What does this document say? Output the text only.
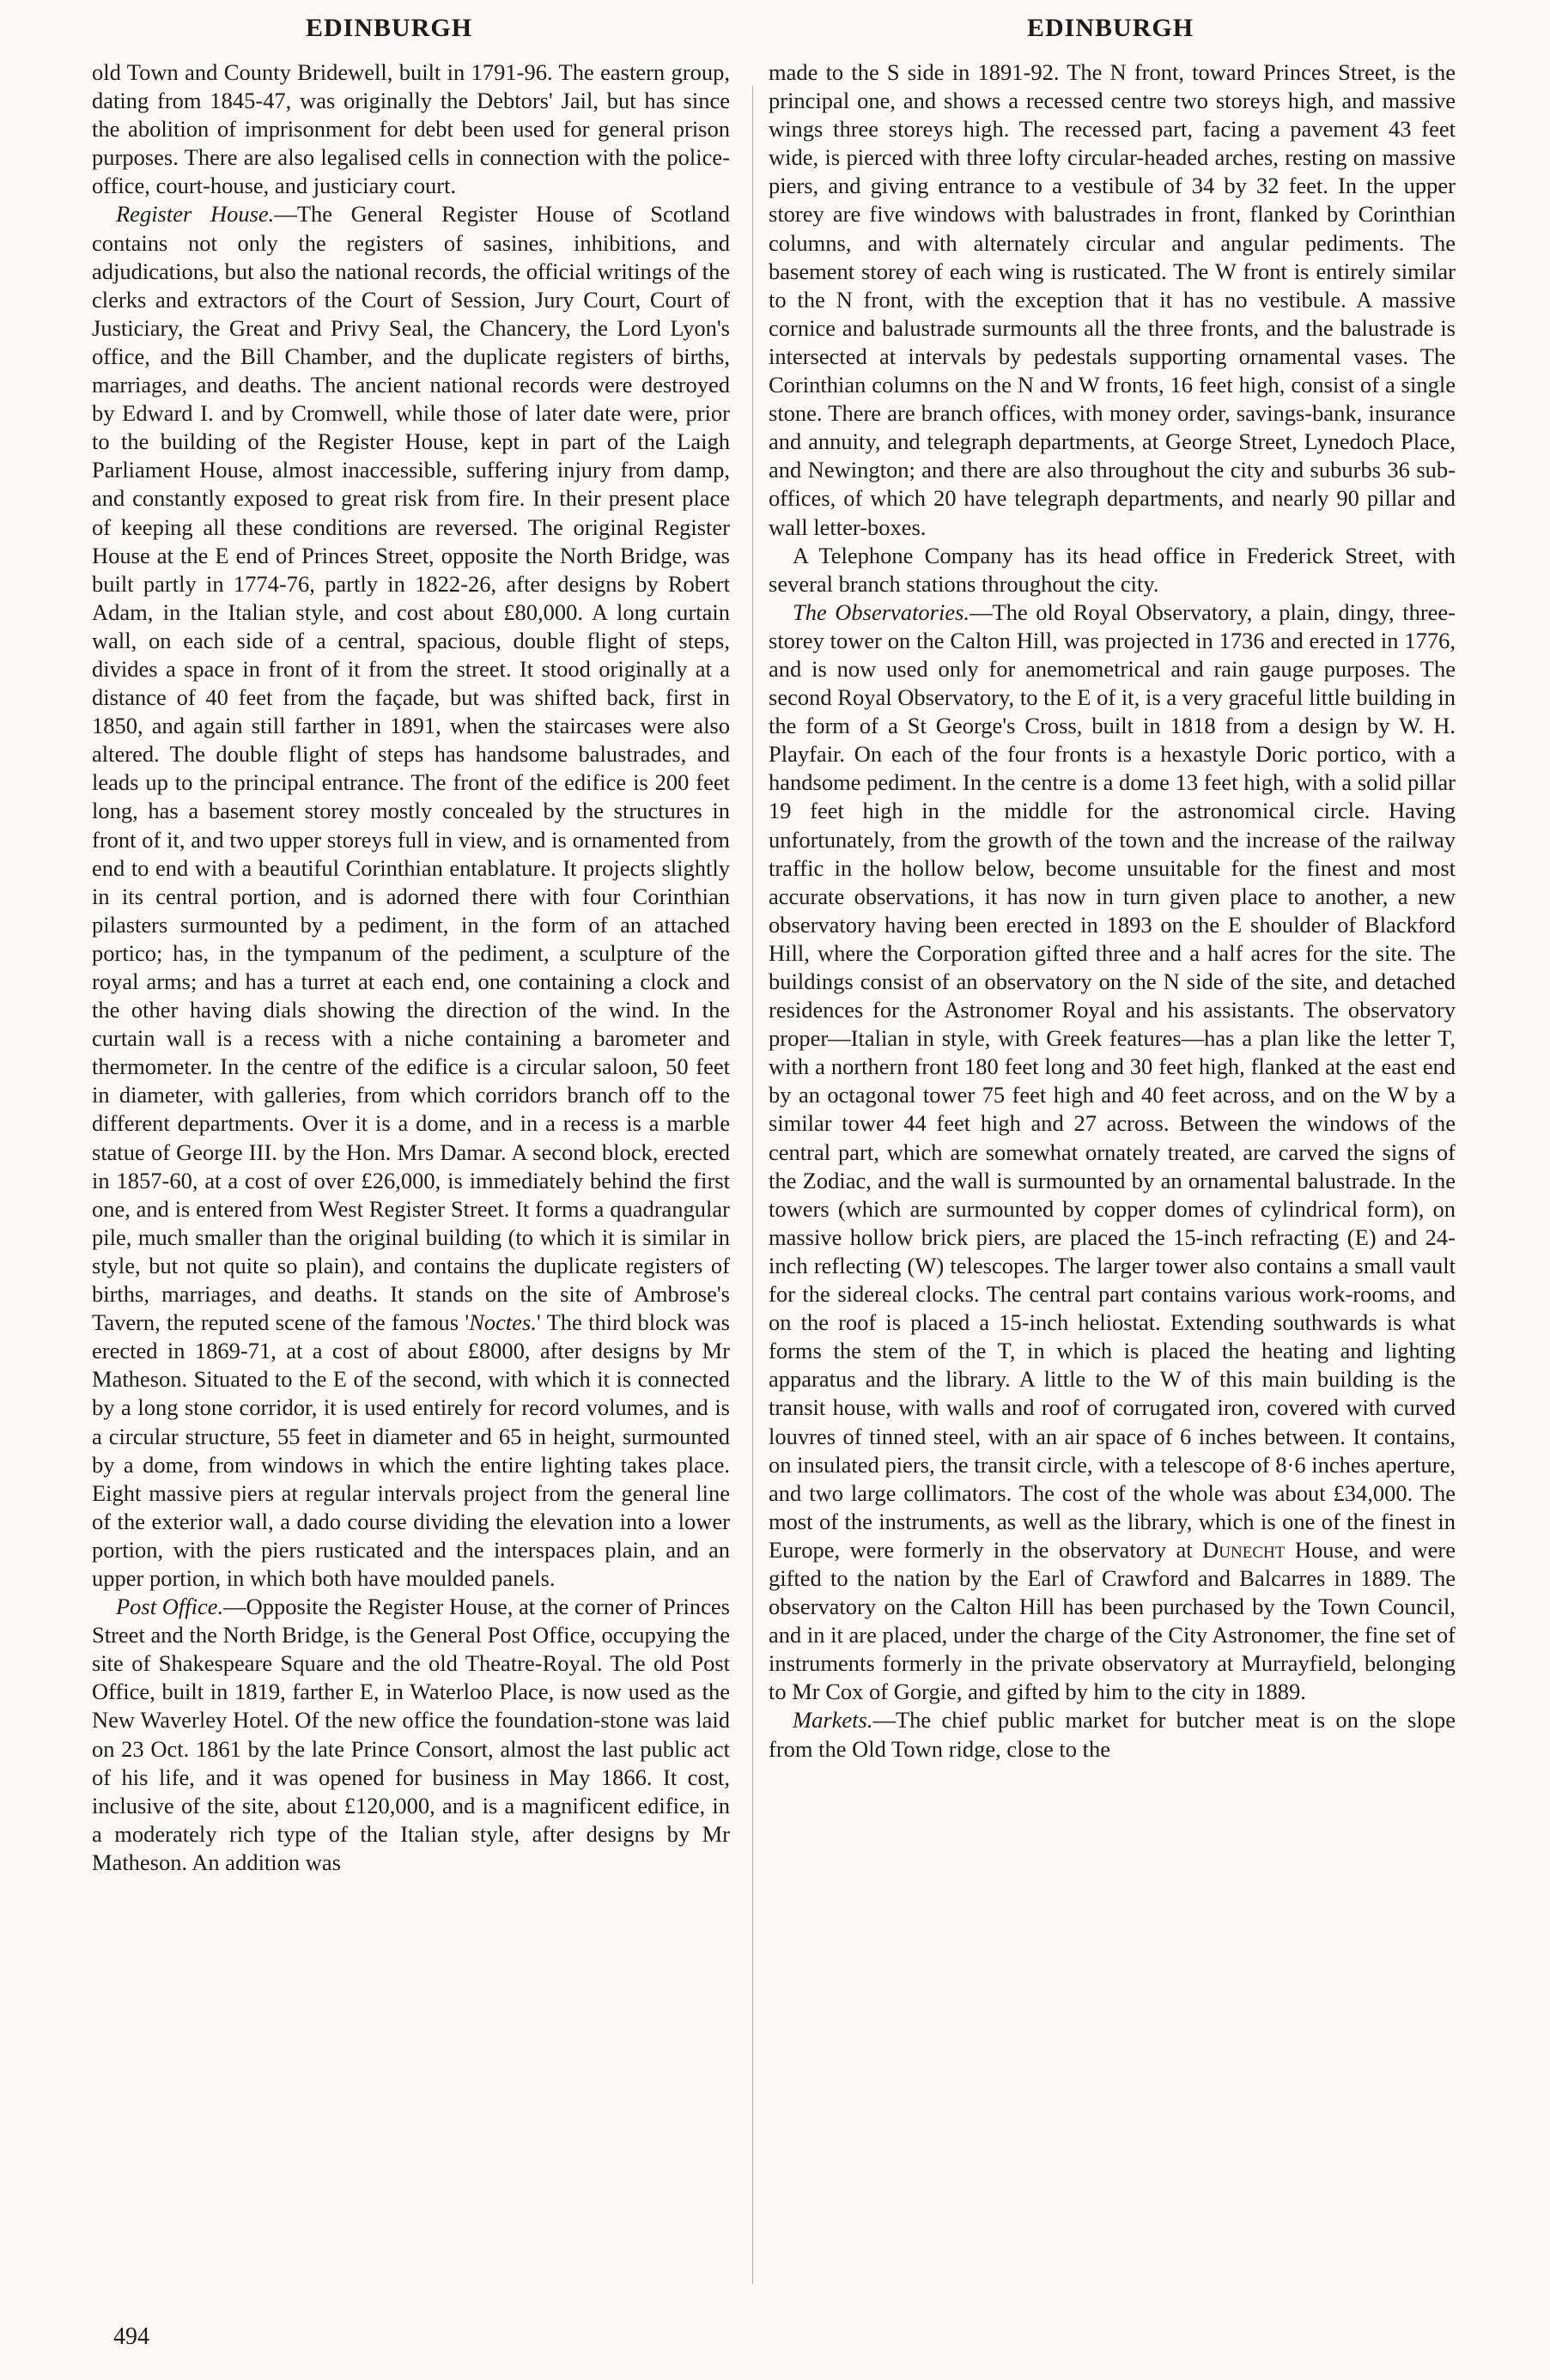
EDINBURGH	EDINBURGH

old Town and County Bridewell, built in 1791-96. The eastern group, dating from 1845-47, was originally the Debtors' Jail, but has since the abolition of imprisonment for debt been used for general prison purposes. There are also legalised cells in connection with the police-office, court-house, and justiciary court.

Register House.—The General Register House of Scotland contains not only the registers of sasines, inhibitions, and adjudications, but also the national records, the official writings of the clerks and extractors of the Court of Session, Jury Court, Court of Justiciary, the Great and Privy Seal, the Chancery, the Lord Lyon's office, and the Bill Chamber, and the duplicate registers of births, marriages, and deaths. The ancient national records were destroyed by Edward I. and by Cromwell, while those of later date were, prior to the building of the Register House, kept in part of the Laigh Parliament House, almost inaccessible, suffering injury from damp, and constantly exposed to great risk from fire. In their present place of keeping all these conditions are reversed. The original Register House at the E end of Princes Street, opposite the North Bridge, was built partly in 1774-76, partly in 1822-26, after designs by Robert Adam, in the Italian style, and cost about £80,000. A long curtain wall, on each side of a central, spacious, double flight of steps, divides a space in front of it from the street. It stood originally at a distance of 40 feet from the façade, but was shifted back, first in 1850, and again still farther in 1891, when the staircases were also altered. The double flight of steps has handsome balustrades, and leads up to the principal entrance. The front of the edifice is 200 feet long, has a basement storey mostly concealed by the structures in front of it, and two upper storeys full in view, and is ornamented from end to end with a beautiful Corinthian entablature. It projects slightly in its central portion, and is adorned there with four Corinthian pilasters surmounted by a pediment, in the form of an attached portico; has, in the tympanum of the pediment, a sculpture of the royal arms; and has a turret at each end, one containing a clock and the other having dials showing the direction of the wind. In the curtain wall is a recess with a niche containing a barometer and thermometer. In the centre of the edifice is a circular saloon, 50 feet in diameter, with galleries, from which corridors branch off to the different departments. Over it is a dome, and in a recess is a marble statue of George III. by the Hon. Mrs Damar. A second block, erected in 1857-60, at a cost of over £26,000, is immediately behind the first one, and is entered from West Register Street. It forms a quadrangular pile, much smaller than the original building (to which it is similar in style, but not quite so plain), and contains the duplicate registers of births, marriages, and deaths. It stands on the site of Ambrose's Tavern, the reputed scene of the famous 'Noctes.' The third block was erected in 1869-71, at a cost of about £8000, after designs by Mr Matheson. Situated to the E of the second, with which it is connected by a long stone corridor, it is used entirely for record volumes, and is a circular structure, 55 feet in diameter and 65 in height, surmounted by a dome, from windows in which the entire lighting takes place. Eight massive piers at regular intervals project from the general line of the exterior wall, a dado course dividing the elevation into a lower portion, with the piers rusticated and the interspaces plain, and an upper portion, in which both have moulded panels.

Post Office.—Opposite the Register House, at the corner of Princes Street and the North Bridge, is the General Post Office, occupying the site of Shakespeare Square and the old Theatre-Royal. The old Post Office, built in 1819, farther E, in Waterloo Place, is now used as the New Waverley Hotel. Of the new office the foundation-stone was laid on 23 Oct. 1861 by the late Prince Consort, almost the last public act of his life, and it was opened for business in May 1866. It cost, inclusive of the site, about £120,000, and is a magnificent edifice, in a moderately rich type of the Italian style, after designs by Mr Matheson. An addition was

made to the S side in 1891-92. The N front, toward Princes Street, is the principal one, and shows a recessed centre two storeys high, and massive wings three storeys high. The recessed part, facing a pavement 43 feet wide, is pierced with three lofty circular-headed arches, resting on massive piers, and giving entrance to a vestibule of 34 by 32 feet. In the upper storey are five windows with balustrades in front, flanked by Corinthian columns, and with alternately circular and angular pediments. The basement storey of each wing is rusticated. The W front is entirely similar to the N front, with the exception that it has no vestibule. A massive cornice and balustrade surmounts all the three fronts, and the balustrade is intersected at intervals by pedestals supporting ornamental vases. The Corinthian columns on the N and W fronts, 16 feet high, consist of a single stone. There are branch offices, with money order, savings-bank, insurance and annuity, and telegraph departments, at George Street, Lynedoch Place, and Newington; and there are also throughout the city and suburbs 36 sub-offices, of which 20 have telegraph departments, and nearly 90 pillar and wall letter-boxes.

A Telephone Company has its head office in Frederick Street, with several branch stations throughout the city.

The Observatories.—The old Royal Observatory, a plain, dingy, three-storey tower on the Calton Hill, was projected in 1736 and erected in 1776, and is now used only for anemometrical and rain gauge purposes. The second Royal Observatory, to the E of it, is a very graceful little building in the form of a St George's Cross, built in 1818 from a design by W. H. Playfair. On each of the four fronts is a hexastyle Doric portico, with a handsome pediment. In the centre is a dome 13 feet high, with a solid pillar 19 feet high in the middle for the astronomical circle. Having unfortunately, from the growth of the town and the increase of the railway traffic in the hollow below, become unsuitable for the finest and most accurate observations, it has now in turn given place to another, a new observatory having been erected in 1893 on the E shoulder of Blackford Hill, where the Corporation gifted three and a half acres for the site. The buildings consist of an observatory on the N side of the site, and detached residences for the Astronomer Royal and his assistants. The observatory proper—Italian in style, with Greek features—has a plan like the letter T, with a northern front 180 feet long and 30 feet high, flanked at the east end by an octagonal tower 75 feet high and 40 feet across, and on the W by a similar tower 44 feet high and 27 across. Between the windows of the central part, which are somewhat ornately treated, are carved the signs of the Zodiac, and the wall is surmounted by an ornamental balustrade. In the towers (which are surmounted by copper domes of cylindrical form), on massive hollow brick piers, are placed the 15-inch refracting (E) and 24-inch reflecting (W) telescopes. The larger tower also contains a small vault for the sidereal clocks. The central part contains various work-rooms, and on the roof is placed a 15-inch heliostat. Extending southwards is what forms the stem of the T, in which is placed the heating and lighting apparatus and the library. A little to the W of this main building is the transit house, with walls and roof of corrugated iron, covered with curved louvres of tinned steel, with an air space of 6 inches between. It contains, on insulated piers, the transit circle, with a telescope of 8·6 inches aperture, and two large collimators. The cost of the whole was about £34,000. The most of the instruments, as well as the library, which is one of the finest in Europe, were formerly in the observatory at Dunecht House, and were gifted to the nation by the Earl of Crawford and Balcarres in 1889. The observatory on the Calton Hill has been purchased by the Town Council, and in it are placed, under the charge of the City Astronomer, the fine set of instruments formerly in the private observatory at Murrayfield, belonging to Mr Cox of Gorgie, and gifted by him to the city in 1889.

Markets.—The chief public market for butcher meat is on the slope from the Old Town ridge, close to the

494
